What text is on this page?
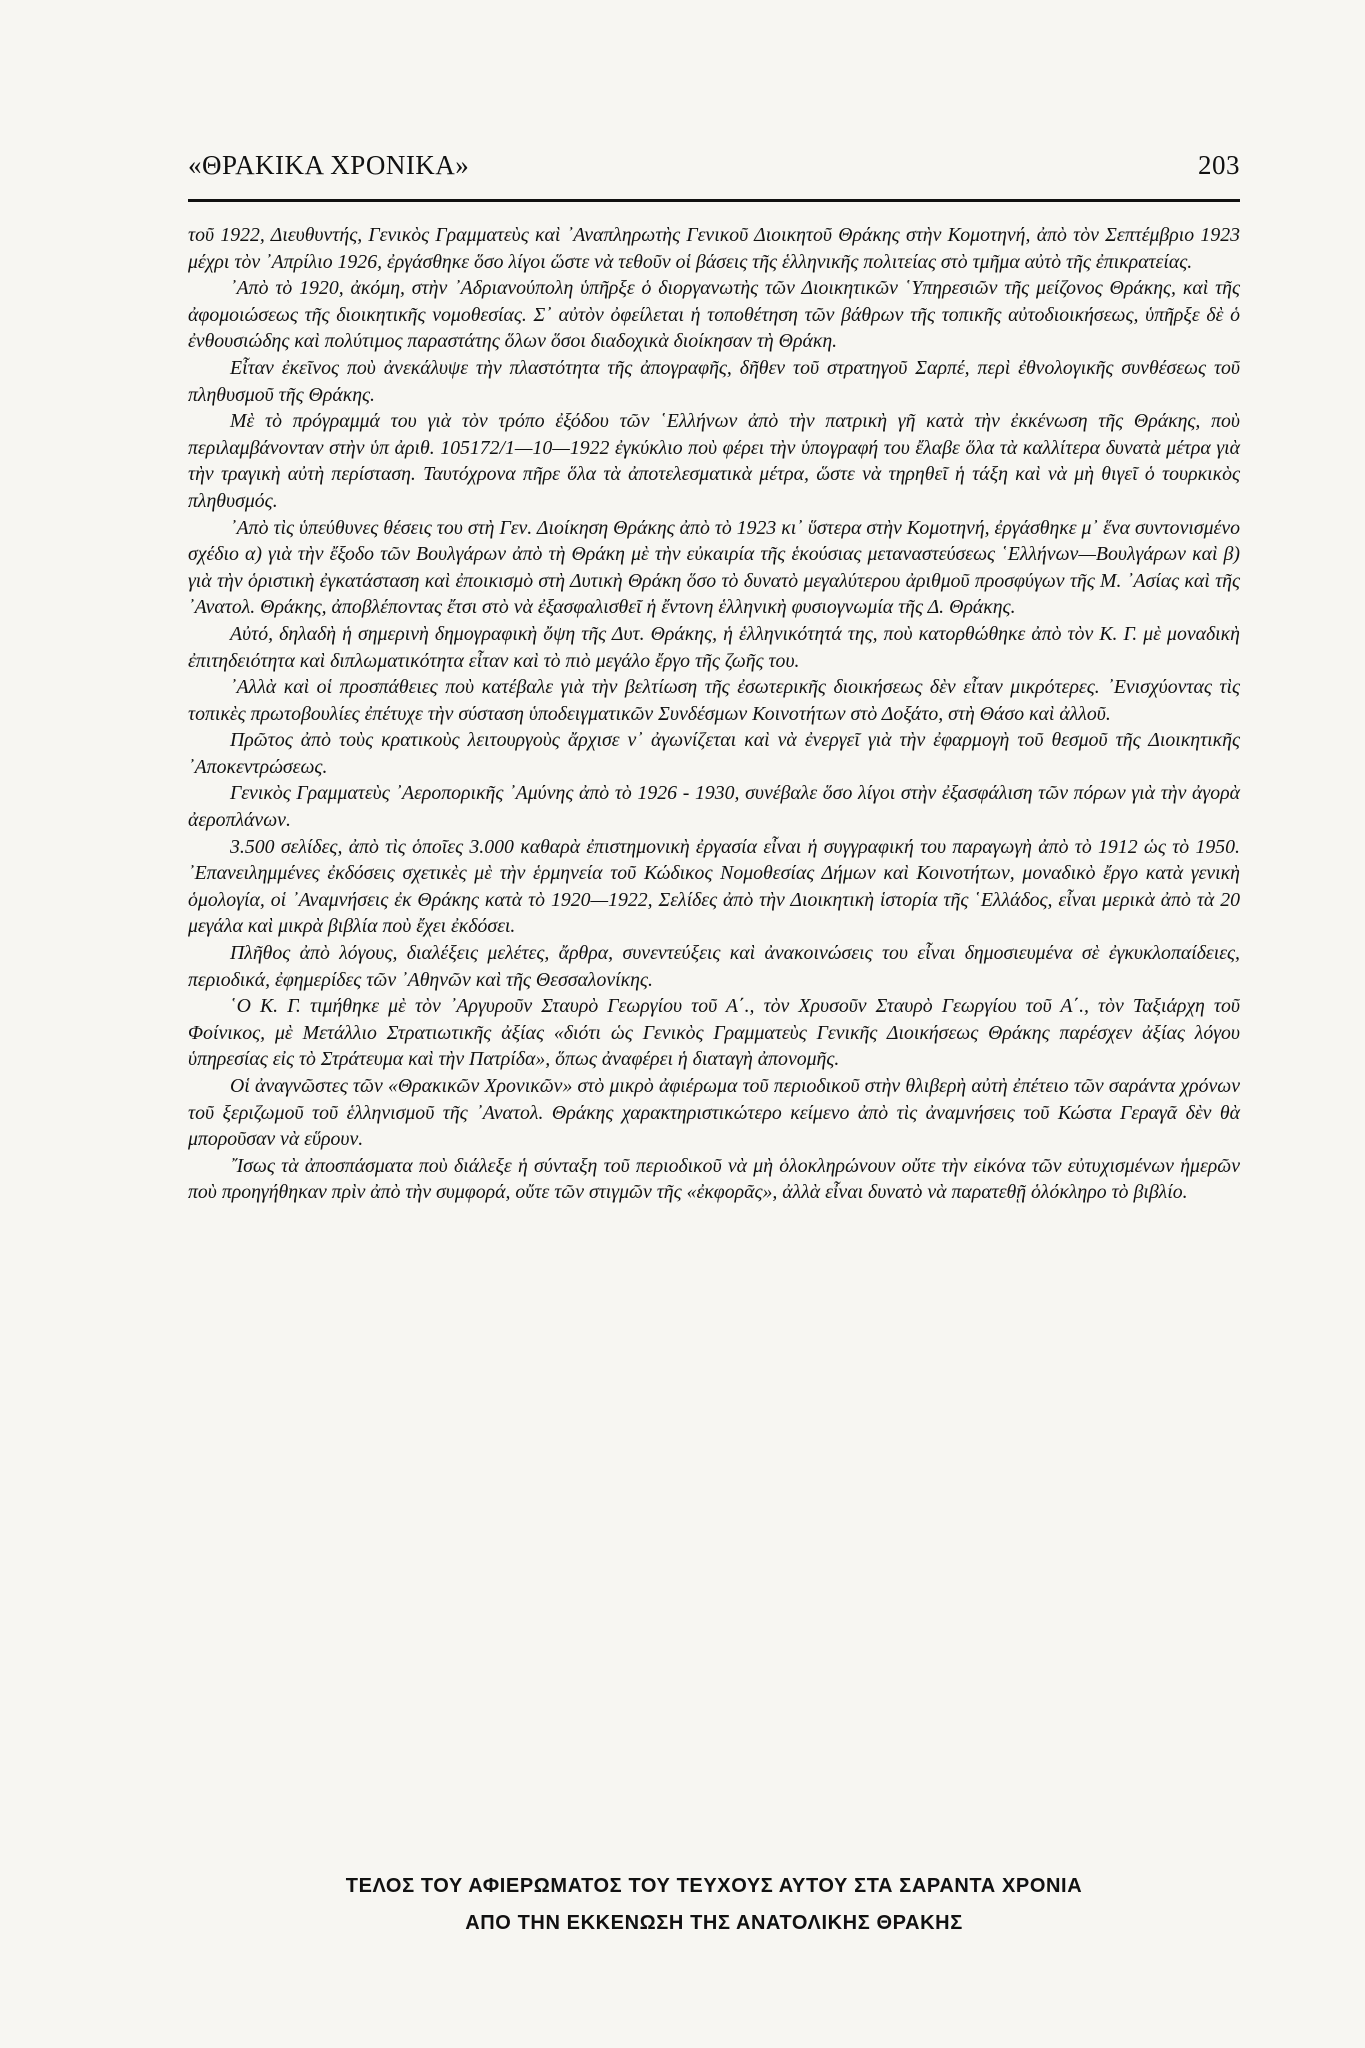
«ΘΡΑΚΙΚΑ ΧΡΟΝΙΚΑ»	203

τοῦ 1922, Διευθυντής, Γενικὸς Γραμματεὺς καὶ ᾿Αναπληρωτὴς Γενικοῦ Διοικητοῦ Θράκης στὴν Κομοτηνή, ἀπὸ τὸν Σεπτέμβριο 1923 μέχρι τὸν ᾿Απρίλιο 1926, ἐργάσθηκε ὅσο λίγοι ὥστε νὰ τεθοῦν οἱ βάσεις τῆς ἑλληνικῆς πολιτείας στὸ τμῆμα αὐτὸ τῆς ἐπικρατείας.

᾿Απὸ τὸ 1920, ἀκόμη, στὴν ᾿Αδριανούπολη ὑπῆρξε ὁ διοργανωτὴς τῶν Διοικητικῶν ῾Υπηρεσιῶν τῆς μείζονος Θράκης, καὶ τῆς ἀφομοιώσεως τῆς διοικητικῆς νομοθεσίας. Σ᾿ αὐτὸν ὀφείλεται ἡ τοποθέτηση τῶν βάθρων τῆς τοπικῆς αὐτοδιοικήσεως, ὑπῆρξε δὲ ὁ ἐνθουσιώδης καὶ πολύτιμος παραστάτης ὅλων ὅσοι διαδοχικὰ διοίκησαν τὴ Θράκη.

Εἶταν ἐκεῖνος ποὺ ἀνεκάλυψε τὴν πλαστότητα τῆς ἀπογραφῆς, δῆθεν τοῦ στρατηγοῦ Σαρπέ, περὶ ἐθνολογικῆς συνθέσεως τοῦ πληθυσμοῦ τῆς Θράκης.

Μὲ τὸ πρόγραμμά του γιὰ τὸν τρόπο ἐξόδου τῶν ῾Ελλήνων ἀπὸ τὴν πατρικὴ γῆ κατὰ τὴν ἐκκένωση τῆς Θράκης, ποὺ περιλαμβάνονταν στὴν ὑπ ἀριθ. 105172/1—10—1922 ἐγκύκλιο ποὺ φέρει τὴν ὑπογραφή του ἔλαβε ὅλα τὰ καλλίτερα δυνατὰ μέτρα γιὰ τὴν τραγικὴ αὐτὴ περίσταση. Ταυτόχρονα πῆρε ὅλα τὰ ἀποτελεσματικὰ μέτρα, ὥστε νὰ τηρηθεῖ ἡ τάξη καὶ νὰ μὴ θιγεῖ ὁ τουρκικὸς πληθυσμός.

᾿Απὸ τὶς ὑπεύθυνες θέσεις του στὴ Γεν. Διοίκηση Θράκης ἀπὸ τὸ 1923 κι᾿ ὕστερα στὴν Κομοτηνή, ἐργάσθηκε μ᾿ ἕνα συντονισμένο σχέδιο α) γιὰ τὴν ἔξοδο τῶν Βουλγάρων ἀπὸ τὴ Θράκη μὲ τὴν εὐκαιρία τῆς ἑκούσιας μεταναστεύσεως ῾Ελλήνων—Βουλγάρων καὶ β) γιὰ τὴν ὁριστικὴ ἐγκατάσταση καὶ ἐποικισμὸ στὴ Δυτικὴ Θράκη ὅσο τὸ δυνατὸ μεγαλύτερου ἀριθμοῦ προσφύγων τῆς Μ. ᾿Ασίας καὶ τῆς ᾿Ανατολ. Θράκης, ἀποβλέποντας ἔτσι στὸ νὰ ἐξασφαλισθεῖ ἡ ἔντονη ἑλληνικὴ φυσιογνωμία τῆς Δ. Θράκης.

Αὐτό, δηλαδὴ ἡ σημερινὴ δημογραφικὴ ὄψη τῆς Δυτ. Θράκης, ἡ ἑλληνικότητά της, ποὺ κατορθώθηκε ἀπὸ τὸν Κ. Γ. μὲ μοναδικὴ ἐπιτηδειότητα καὶ διπλωματικότητα εἶταν καὶ τὸ πιὸ μεγάλο ἔργο τῆς ζωῆς του.

᾿Αλλὰ καὶ οἱ προσπάθειες ποὺ κατέβαλε γιὰ τὴν βελτίωση τῆς ἐσωτερικῆς διοικήσεως δὲν εἶταν μικρότερες. ᾿Ενισχύοντας τὶς τοπικὲς πρωτοβουλίες ἐπέτυχε τὴν σύσταση ὑποδειγματικῶν Συνδέσμων Κοινοτήτων στὸ Δοξάτο, στὴ Θάσο καὶ ἀλλοῦ.

Πρῶτος ἀπὸ τοὺς κρατικοὺς λειτουργοὺς ἄρχισε ν᾿ ἀγωνίζεται καὶ νὰ ἐνεργεῖ γιὰ τὴν ἐφαρμογὴ τοῦ θεσμοῦ τῆς Διοικητικῆς ᾿Αποκεντρώσεως.

Γενικὸς Γραμματεὺς ᾿Αεροπορικῆς ᾿Αμύνης ἀπὸ τὸ 1926 - 1930, συνέβαλε ὅσο λίγοι στὴν ἐξασφάλιση τῶν πόρων γιὰ τὴν ἀγορὰ ἀεροπλάνων.

3.500 σελίδες, ἀπὸ τὶς ὁποῖες 3.000 καθαρὰ ἐπιστημονικὴ ἐργασία εἶναι ἡ συγγραφική του παραγωγὴ ἀπὸ τὸ 1912 ὡς τὸ 1950. ᾿Επανειλημμένες ἐκδόσεις σχετικὲς μὲ τὴν ἑρμηνεία τοῦ Κώδικος Νομοθεσίας Δήμων καὶ Κοινοτήτων, μοναδικὸ ἔργο κατὰ γενικὴ ὁμολογία, οἱ ᾿Αναμνήσεις ἐκ Θράκης κατὰ τὸ 1920—1922, Σελίδες ἀπὸ τὴν Διοικητικὴ ἱστορία τῆς ῾Ελλάδος, εἶναι μερικὰ ἀπὸ τὰ 20 μεγάλα καὶ μικρὰ βιβλία ποὺ ἔχει ἐκδόσει.

Πλῆθος ἀπὸ λόγους, διαλέξεις μελέτες, ἄρθρα, συνεντεύξεις καὶ ἀνακοινώσεις του εἶναι δημοσιευμένα σὲ ἐγκυκλοπαίδειες, περιοδικά, ἐφημερίδες τῶν ᾿Αθηνῶν καὶ τῆς Θεσσαλονίκης.

῾Ο Κ. Γ. τιμήθηκε μὲ τὸν ᾿Αργυροῦν Σταυρὸ Γεωργίου τοῦ Α΄., τὸν Χρυσοῦν Σταυρὸ Γεωργίου τοῦ Α΄., τὸν Ταξιάρχη τοῦ Φοίνικος, μὲ Μετάλλιο Στρατιωτικῆς ἀξίας «διότι ὡς Γενικὸς Γραμματεὺς Γενικῆς Διοικήσεως Θράκης παρέσχεν ἀξίας λόγου ὑπηρεσίας εἰς τὸ Στράτευμα καὶ τὴν Πατρίδα», ὅπως ἀναφέρει ἡ διαταγὴ ἀπονομῆς.

Οἱ ἀναγνῶστες τῶν «Θρακικῶν Χρονικῶν» στὸ μικρὸ ἀφιέρωμα τοῦ περιοδικοῦ στὴν θλιβερὴ αὐτὴ ἐπέτειο τῶν σαράντα χρόνων τοῦ ξεριζωμοῦ τοῦ ἑλληνισμοῦ τῆς ᾿Ανατολ. Θράκης χαρακτηριστικώτερο κείμενο ἀπὸ τὶς ἀναμνήσεις τοῦ Κώστα Γεραγᾶ δὲν θὰ μποροῦσαν νὰ εὕρουν.

῎Ισως τὰ ἀποσπάσματα ποὺ διάλεξε ἡ σύνταξη τοῦ περιοδικοῦ νὰ μὴ ὁλοκληρώνουν οὔτε τὴν εἰκόνα τῶν εὐτυχισμένων ἡμερῶν ποὺ προηγήθηκαν πρὶν ἀπὸ τὴν συμφορά, οὔτε τῶν στιγμῶν τῆς «ἐκφορᾶς», ἀλλὰ εἶναι δυνατὸ νὰ παρατεθῇ ὁλόκληρο τὸ βιβλίο.

ΤΕΛΟΣ ΤΟΥ ΑΦΙΕΡΩΜΑΤΟΣ ΤΟΥ ΤΕΥΧΟΥΣ ΑΥΤΟΥ ΣΤΑ ΣΑΡΑΝΤΑ ΧΡΟΝΙΑ
ΑΠΟ ΤΗΝ ΕΚΚΕΝΩΣΗ ΤΗΣ ΑΝΑΤΟΛΙΚΗΣ ΘΡΑΚΗΣ
